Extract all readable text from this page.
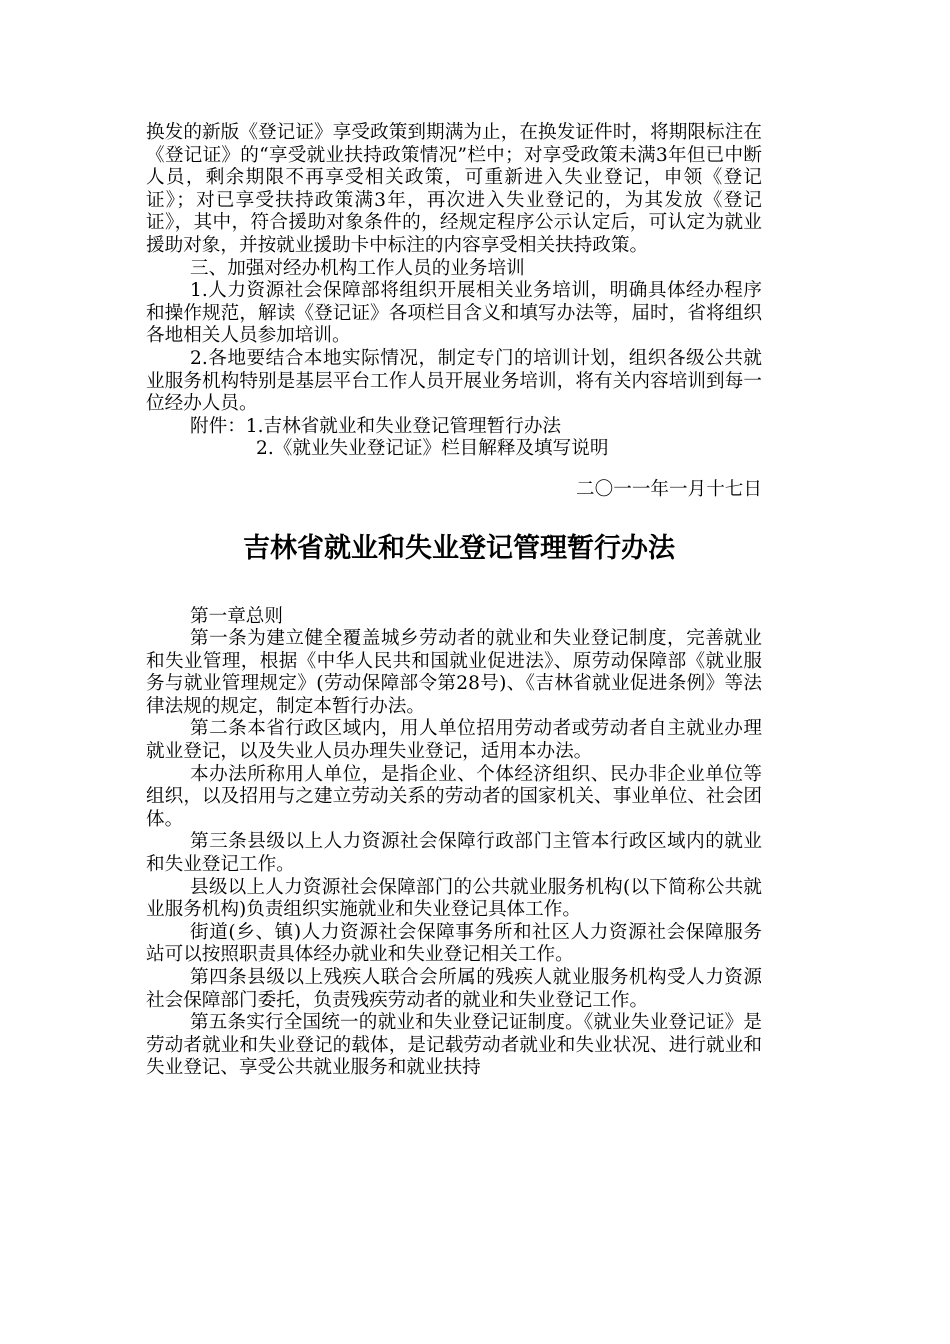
换发的新版《登记证》享受政策到期满为止，在换发证件时，将期限标注在《登记证》的“享受就业扶持政策情况”栏中；对享受政策未满3年但已中断人员，剩余期限不再享受相关政策，可重新进入失业登记，申领《登记证》；对已享受扶持政策满3年，再次进入失业登记的，为其发放《登记证》，其中，符合援助对象条件的，经规定程序公示认定后，可认定为就业援助对象，并按就业援助卡中标注的内容享受相关扶持政策。

三、加强对经办机构工作人员的业务培训

1.人力资源社会保障部将组织开展相关业务培训，明确具体经办程序和操作规范，解读《登记证》各项栏目含义和填写办法等，届时，省将组织各地相关人员参加培训。

2.各地要结合本地实际情况，制定专门的培训计划，组织各级公共就业服务机构特别是基层平台工作人员开展业务培训，将有关内容培训到每一位经办人员。

附件：1.吉林省就业和失业登记管理暂行办法

2.《就业失业登记证》栏目解释及填写说明

二〇一一年一月十七日

吉林省就业和失业登记管理暂行办法

第一章总则

第一条为建立健全覆盖城乡劳动者的就业和失业登记制度，完善就业和失业管理，根据《中华人民共和国就业促进法》、原劳动保障部《就业服务与就业管理规定》(劳动保障部令第28号)、《吉林省就业促进条例》等法律法规的规定，制定本暂行办法。

第二条本省行政区域内，用人单位招用劳动者或劳动者自主就业办理就业登记，以及失业人员办理失业登记，适用本办法。

本办法所称用人单位，是指企业、个体经济组织、民办非企业单位等组织，以及招用与之建立劳动关系的劳动者的国家机关、事业单位、社会团体。

第三条县级以上人力资源社会保障行政部门主管本行政区域内的就业和失业登记工作。

县级以上人力资源社会保障部门的公共就业服务机构(以下简称公共就业服务机构)负责组织实施就业和失业登记具体工作。

街道(乡、镇)人力资源社会保障事务所和社区人力资源社会保障服务站可以按照职责具体经办就业和失业登记相关工作。

第四条县级以上残疾人联合会所属的残疾人就业服务机构受人力资源社会保障部门委托，负责残疾劳动者的就业和失业登记工作。

第五条实行全国统一的就业和失业登记证制度。《就业失业登记证》是劳动者就业和失业登记的载体，是记载劳动者就业和失业状况、进行就业和失业登记、享受公共就业服务和就业扶持
